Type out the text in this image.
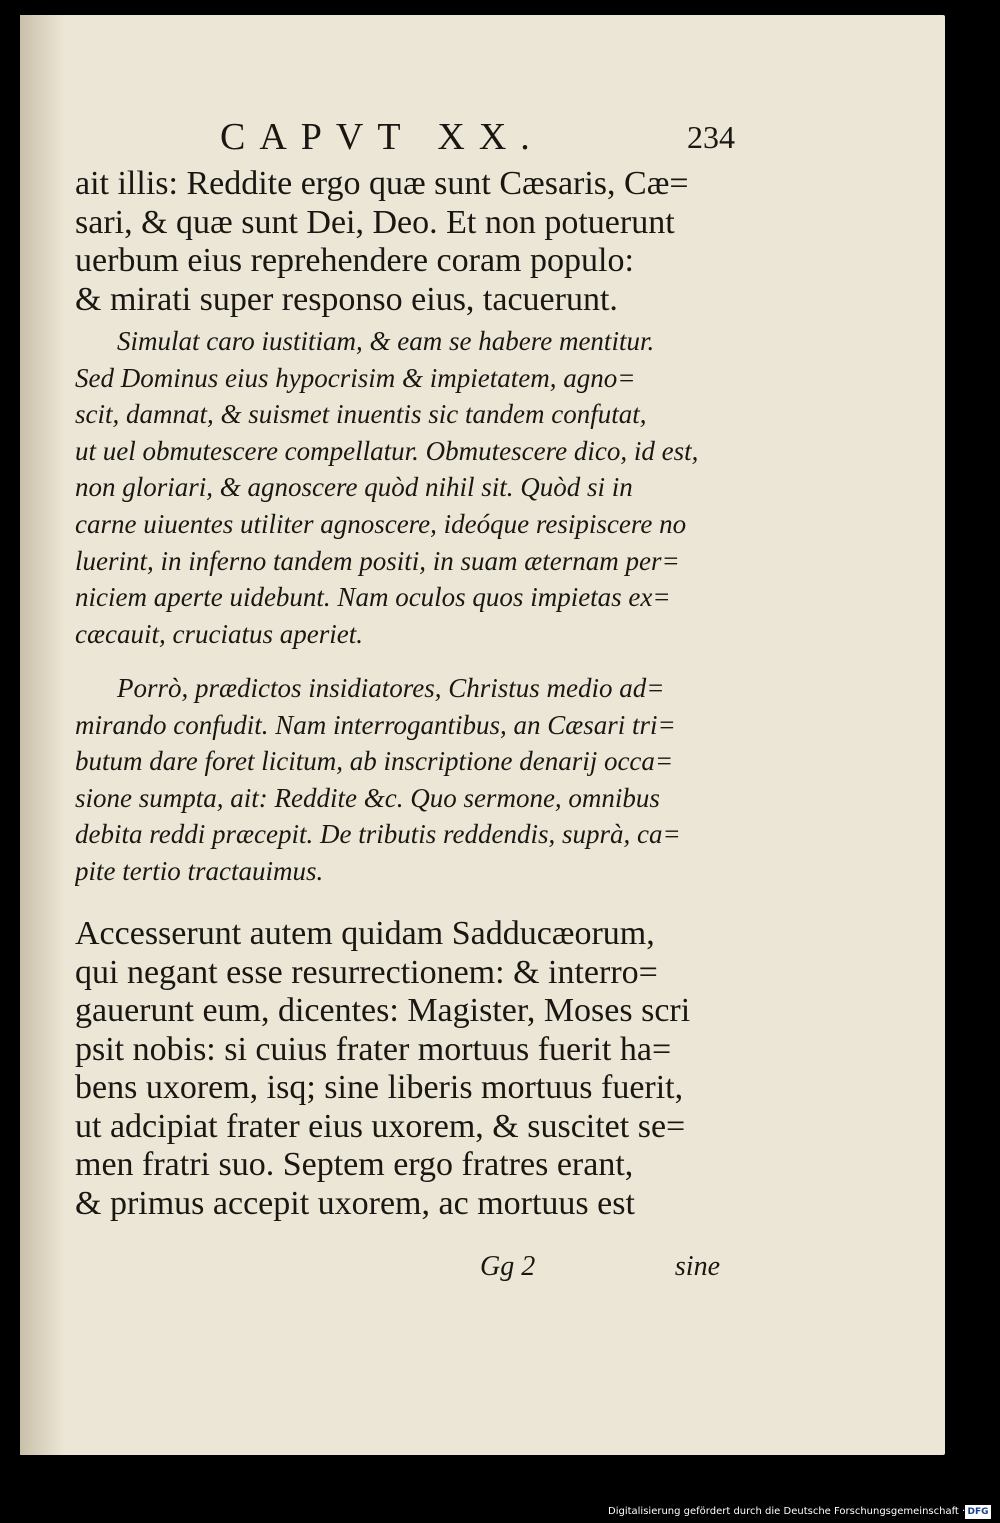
CAPVT XX.	234
ait illis: Reddite ergo quæ sunt Cæsaris, Cæ=
sari, & quæ sunt Dei, Deo. Et non potuerunt
uerbum eius reprehendere coram populo:
& mirati super responso eius, tacuerunt.
Simulat caro iustitiam, & eam se habere mentitur.
Sed Dominus eius hypocrisim & impietatem, agno=
scit, damnat, & suismet inuentis sic tandem confutat,
ut uel obmutescere compellatur. Obmutescere dico, id est,
non gloriari, & agnoscere quòd nihil sit. Quòd si in
carne uiuentes utiliter agnoscere, ideóque resipiscere no
luerint, in inferno tandem positi, in suam æternam per=
niciem aperte uidebunt. Nam oculos quos impietas ex=
cæcauit, cruciatus aperiet.
Porrò, prædictos insidiatores, Christus medio ad=
mirando confudit. Nam interrogantibus, an Cæsari tri=
butum dare foret licitum, ab inscriptione denarij occa=
sione sumpta, ait: Reddite &c. Quo sermone, omnibus
debita reddi præcepit. De tributis reddendis, suprà, ca=
pite tertio tractauimus.
Accesserunt autem quidam Sadducæorum,
qui negant esse resurrectionem: & interro=
gauerunt eum, dicentes: Magister, Moses scri
psit nobis: si cuius frater mortuus fuerit ha=
bens uxorem, isq; sine liberis mortuus fuerit,
ut adcipiat frater eius uxorem, & suscitet se=
men fratri suo. Septem ergo fratres erant,
& primus accepit uxorem, ac mortuus est
Gg 2	sine
Digitalisierung gefördert durch die Deutsche Forschungsgemeinschaft · DFG
